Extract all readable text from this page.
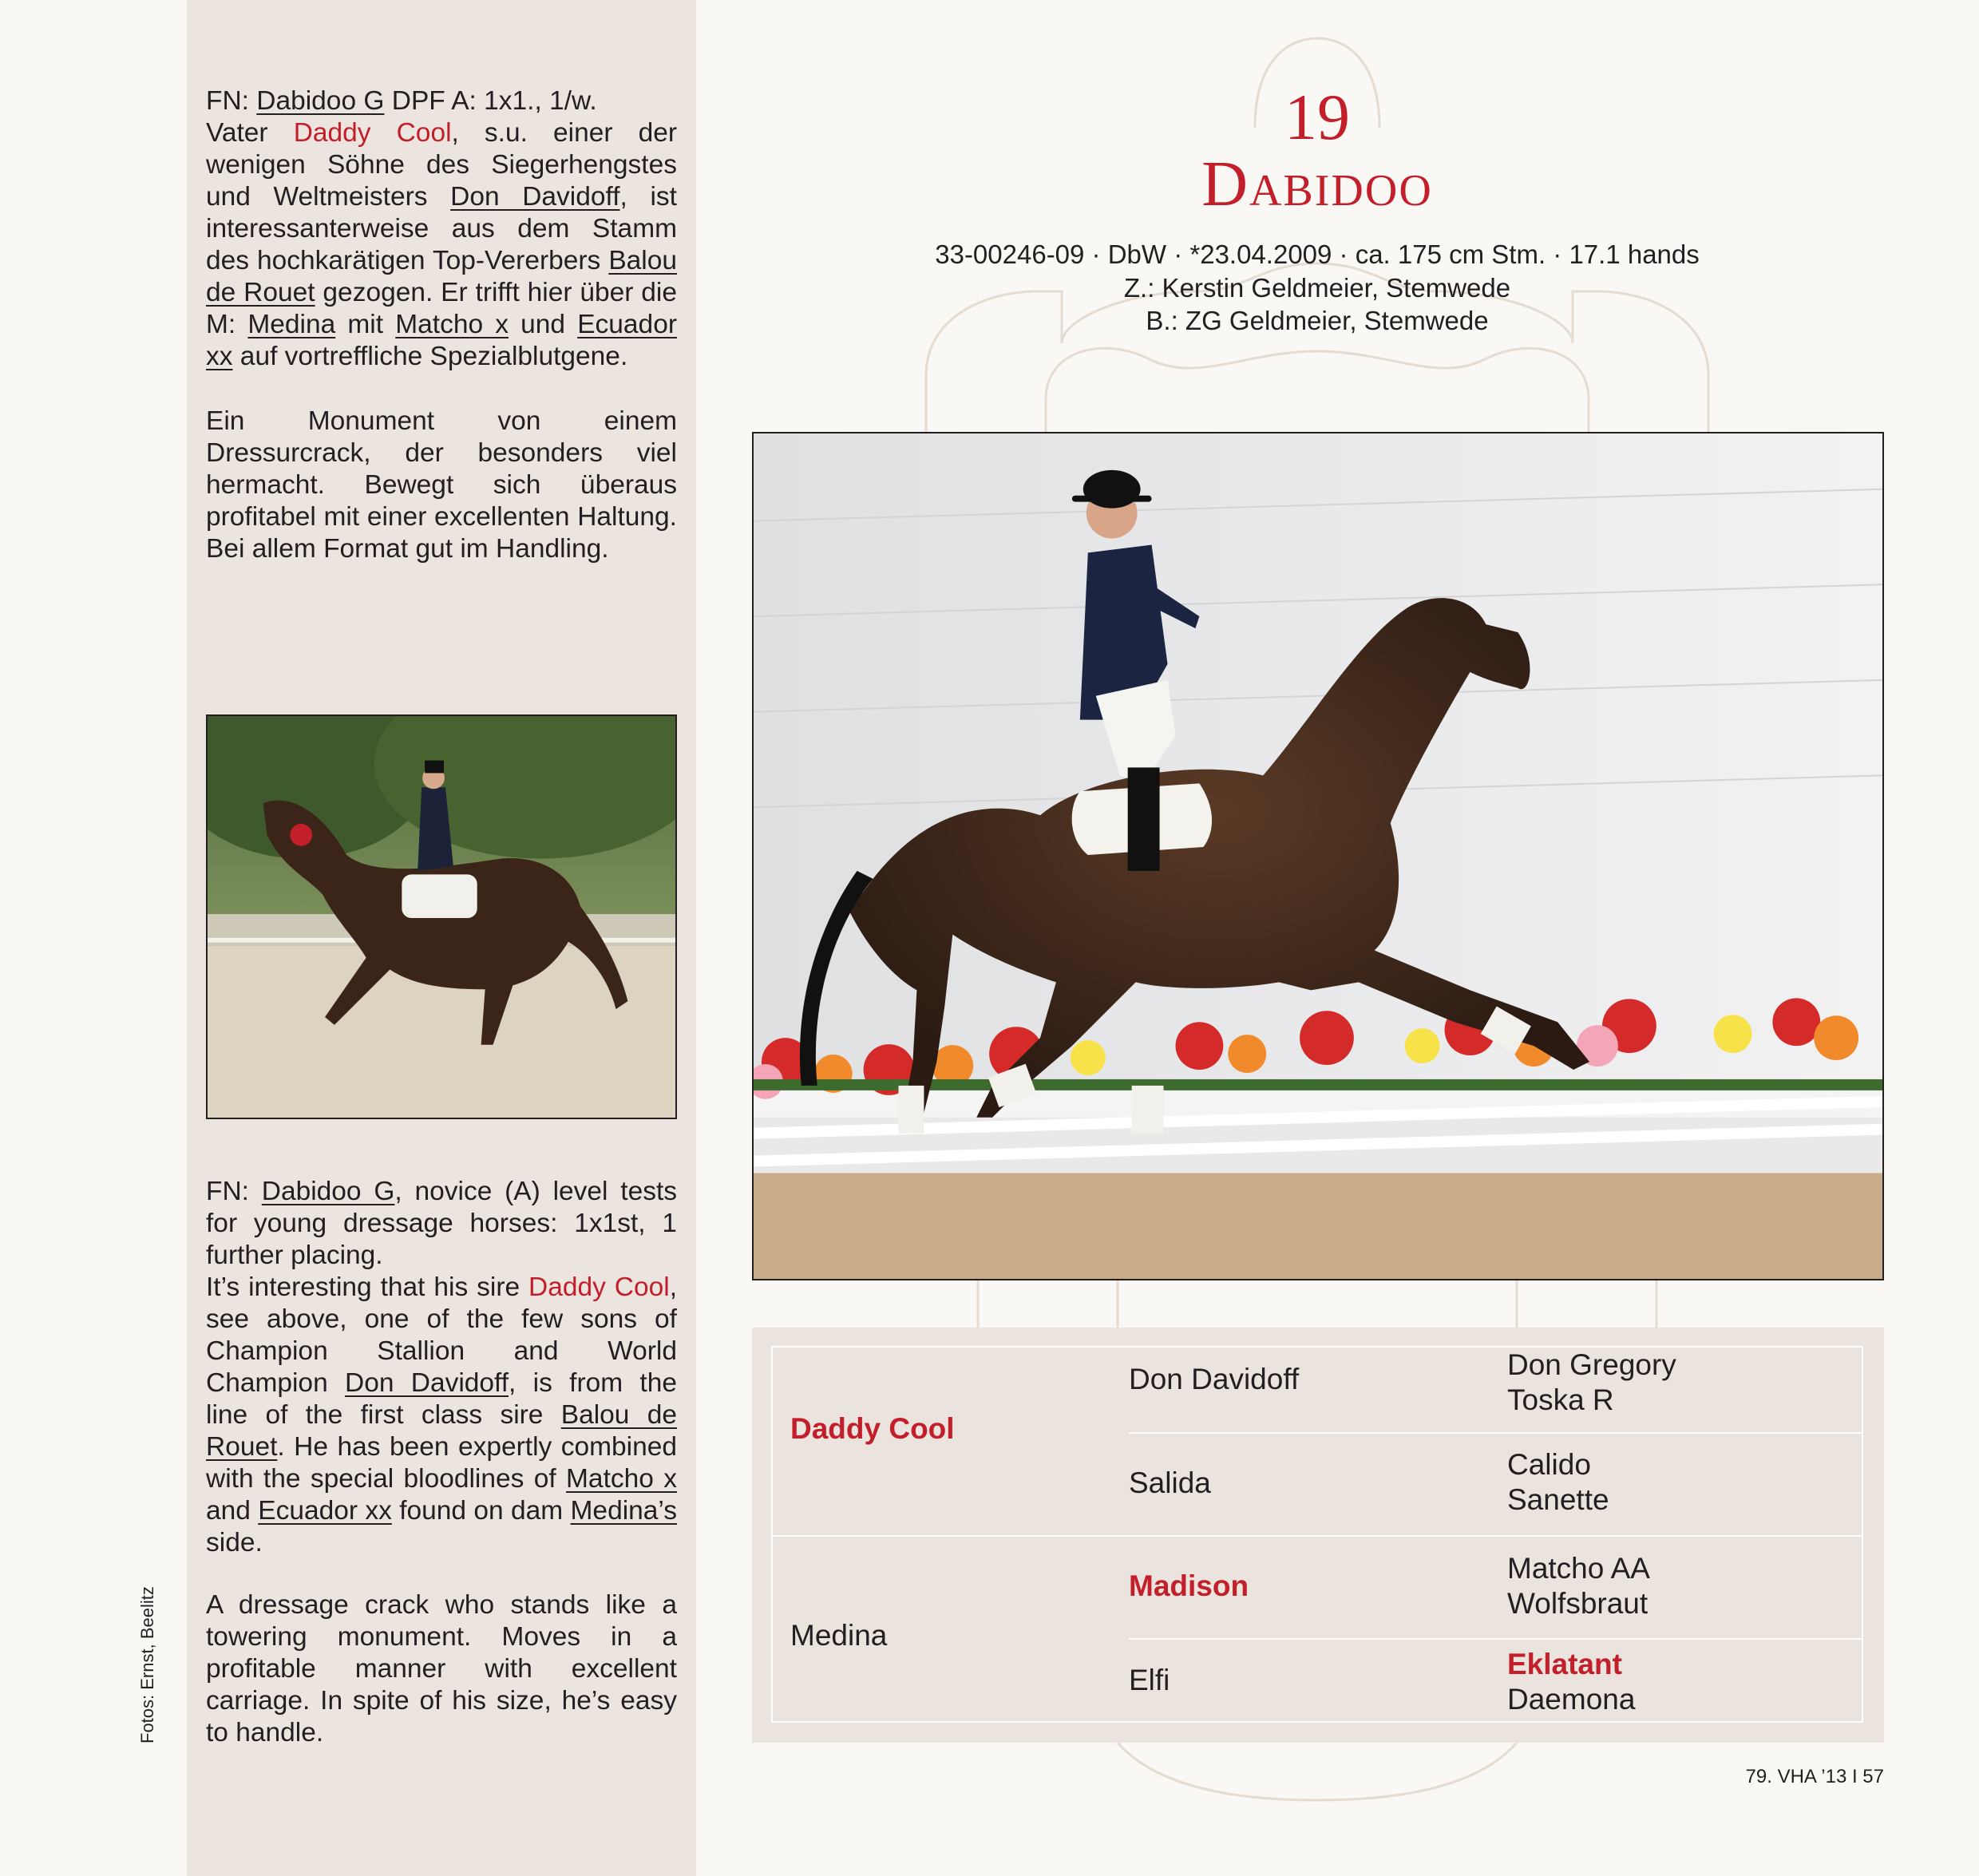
FN: Dabidoo G DPF A: 1x1., 1/w.
Vater Daddy Cool, s.u. einer der wenigen Söhne des Siegerhengstes und Weltmeisters Don Davidoff, ist interessanterweise aus dem Stamm des hochkarätigen Top-Vererbers Balou de Rouet gezogen. Er trifft hier über die M: Medina mit Matcho x und Ecuador xx auf vortreffliche Spezialblutgene.

Ein Monument von einem Dressurcrack, der besonders viel hermacht. Bewegt sich überaus profitabel mit einer excellenten Haltung. Bei allem Format gut im Handling.

FN: Dabidoo G, novice (A) level tests for young dressage horses: 1x1st, 1 further placing.
It’s interesting that his sire Daddy Cool, see above, one of the few sons of Champion Stallion and World Champion Don Davidoff, is from the line of the first class sire Balou de Rouet. He has been expertly combined with the special bloodlines of Matcho x and Ecuador xx found on dam Medina’s side.

A dressage crack who stands like a towering monument. Moves in a profitable manner with excellent carriage. In spite of his size, he’s easy to handle.

Fotos: Ernst, Beelitz
19
Dabidoo
33-00246-09 · DbW · *23.04.2009 · ca. 175 cm Stm. · 17.1 hands
Z.: Kerstin Geldmeier, Stemwede
B.: ZG Geldmeier, Stemwede
Daddy Cool
Medina
Don Davidoff
Salida
Madison
Elfi
Don Gregory
Toska R
Calido
Sanette
Matcho AA
Wolfsbraut
Eklatant
Daemona
79. VHA ’13 I 57
